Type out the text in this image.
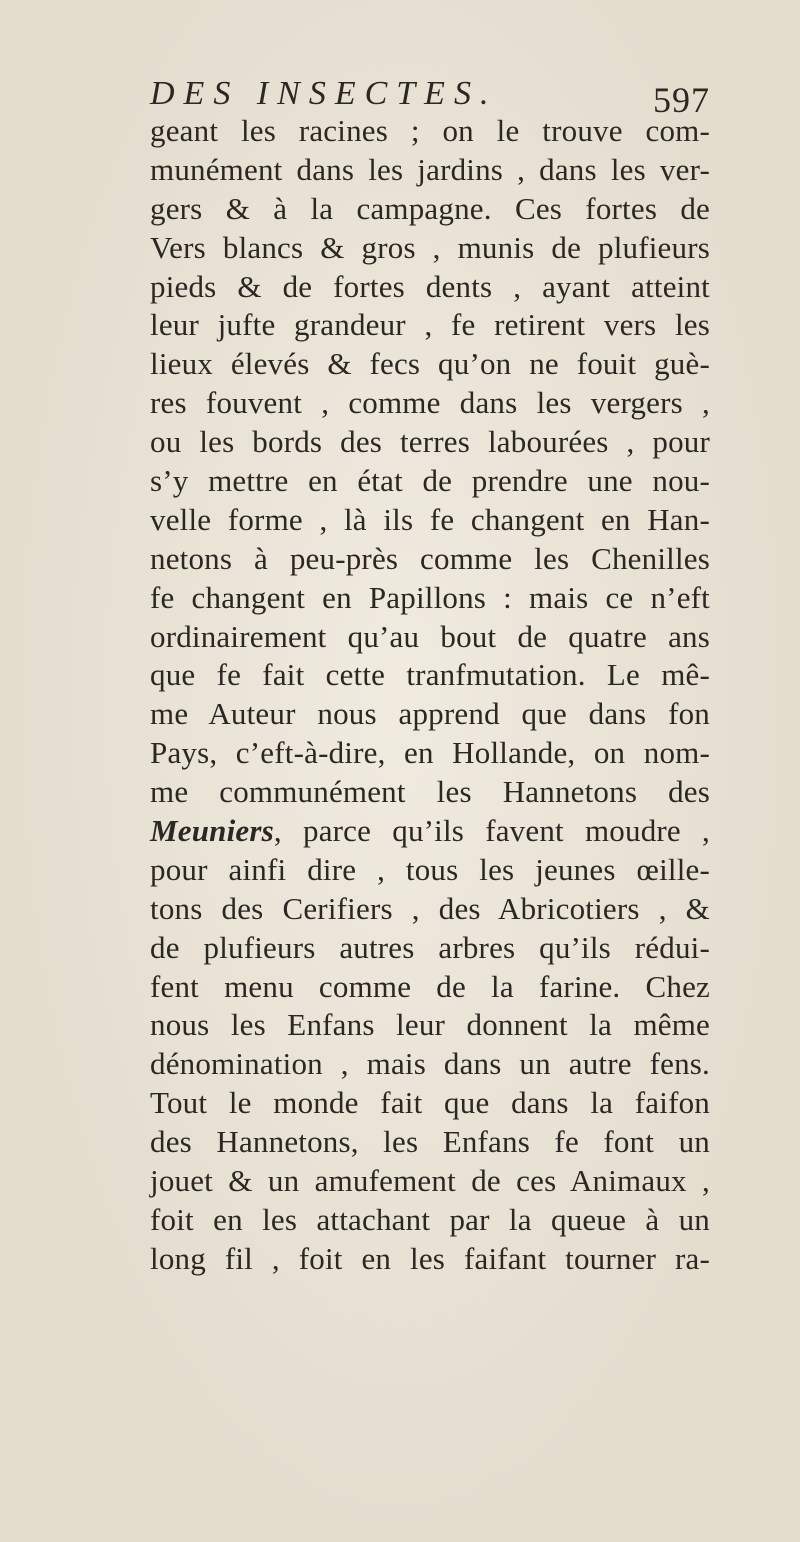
DES INSECTES.	597
geant les racines ; on le trouve com-
munément dans les jardins , dans les ver-
gers & à la campagne. Ces fortes de
Vers blancs & gros , munis de plufieurs
pieds & de fortes dents , ayant atteint
leur jufte grandeur , fe retirent vers les
lieux élevés & fecs qu’on ne fouit guè-
res fouvent , comme dans les vergers ,
ou les bords des terres labourées , pour
s’y mettre en état de prendre une nou-
velle forme , là ils fe changent en Han-
netons à peu-près comme les Chenilles
fe changent en Papillons : mais ce n’eft
ordinairement qu’au bout de quatre ans
que fe fait cette tranfmutation. Le mê-
me Auteur nous apprend que dans fon
Pays, c’eft-à-dire, en Hollande, on nom-
me communément les Hannetons des
Meuniers, parce qu’ils favent moudre ,
pour ainfi dire , tous les jeunes œille-
tons des Cerifiers , des Abricotiers , &
de plufieurs autres arbres qu’ils rédui-
fent menu comme de la farine. Chez
nous les Enfans leur donnent la même
dénomination , mais dans un autre fens.
Tout le monde fait que dans la faifon
des Hannetons, les Enfans fe font un
jouet & un amufement de ces Animaux ,
foit en les attachant par la queue à un
long fil , foit en les faifant tourner ra-
